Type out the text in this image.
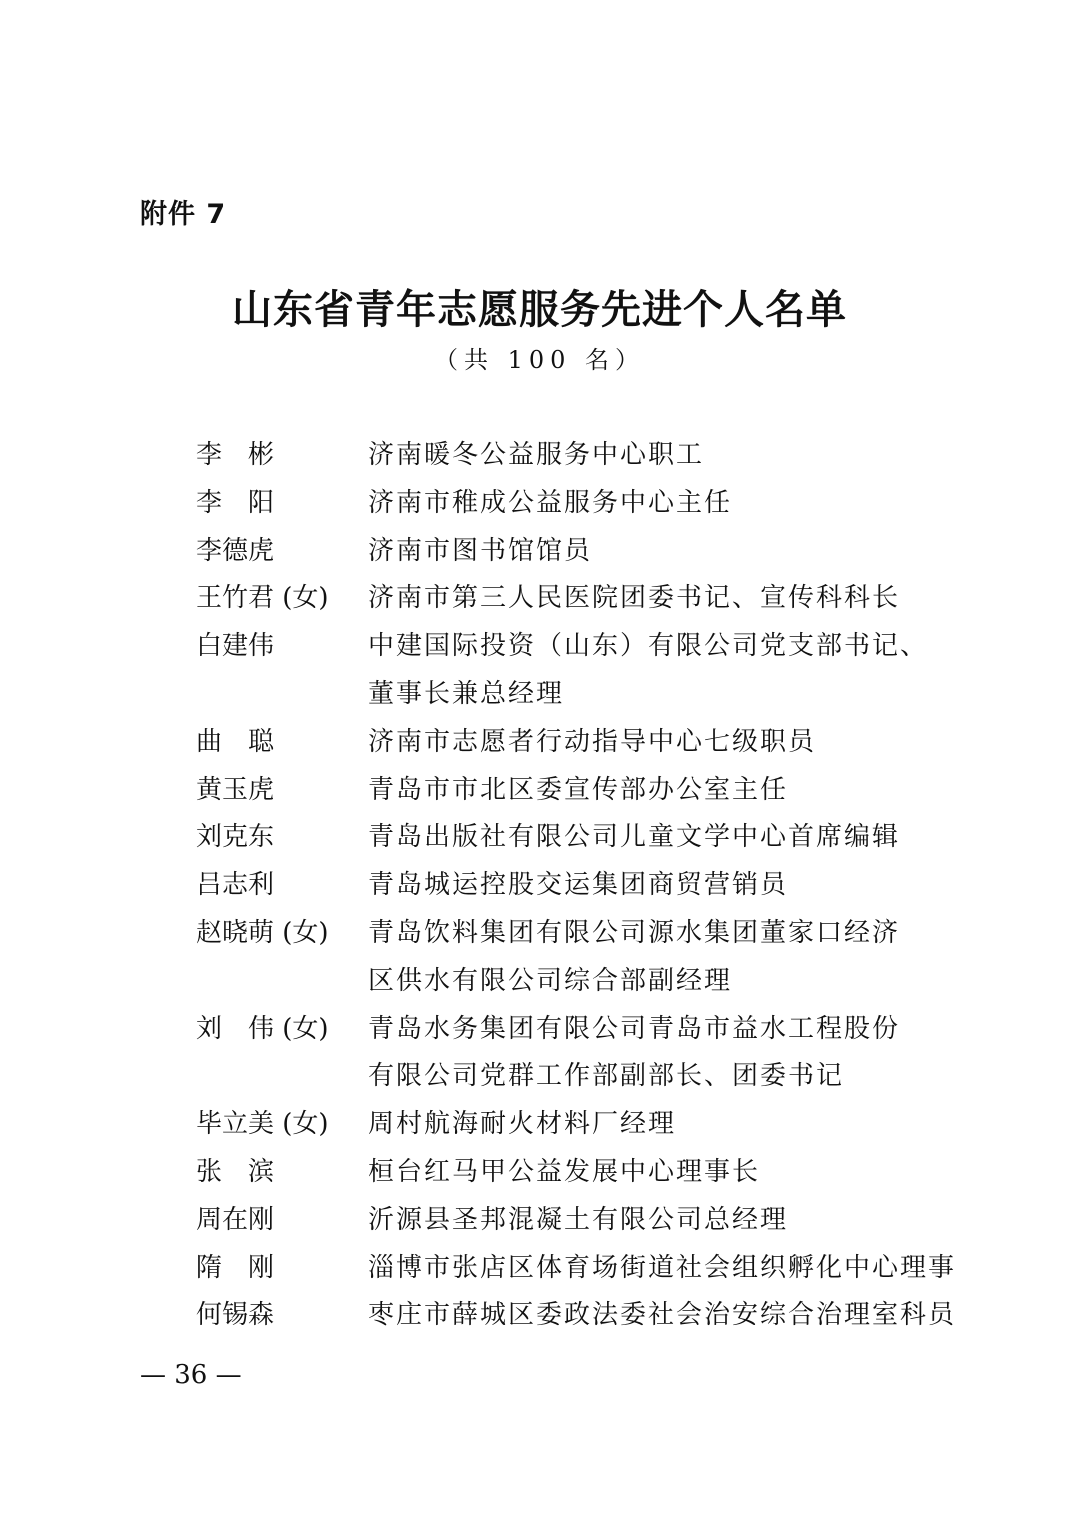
附件 7
山东省青年志愿服务先进个人名单
（共 100 名）
李　彬	济南暖冬公益服务中心职工
李　阳	济南市稚成公益服务中心主任
李德虎	济南市图书馆馆员
王竹君 (女)	济南市第三人民医院团委书记、宣传科科长
白建伟	中建国际投资（山东）有限公司党支部书记、
董事长兼总经理
曲　聪	济南市志愿者行动指导中心七级职员
黄玉虎	青岛市市北区委宣传部办公室主任
刘克东	青岛出版社有限公司儿童文学中心首席编辑
吕志利	青岛城运控股交运集团商贸营销员
赵晓萌 (女)	青岛饮料集团有限公司源水集团董家口经济
区供水有限公司综合部副经理
刘　伟 (女)	青岛水务集团有限公司青岛市益水工程股份
有限公司党群工作部副部长、团委书记
毕立美 (女)	周村航海耐火材料厂经理
张　滨	桓台红马甲公益发展中心理事长
周在刚	沂源县圣邦混凝土有限公司总经理
隋　刚	淄博市张店区体育场街道社会组织孵化中心理事
何锡森	枣庄市薛城区委政法委社会治安综合治理室科员
— 36 —
